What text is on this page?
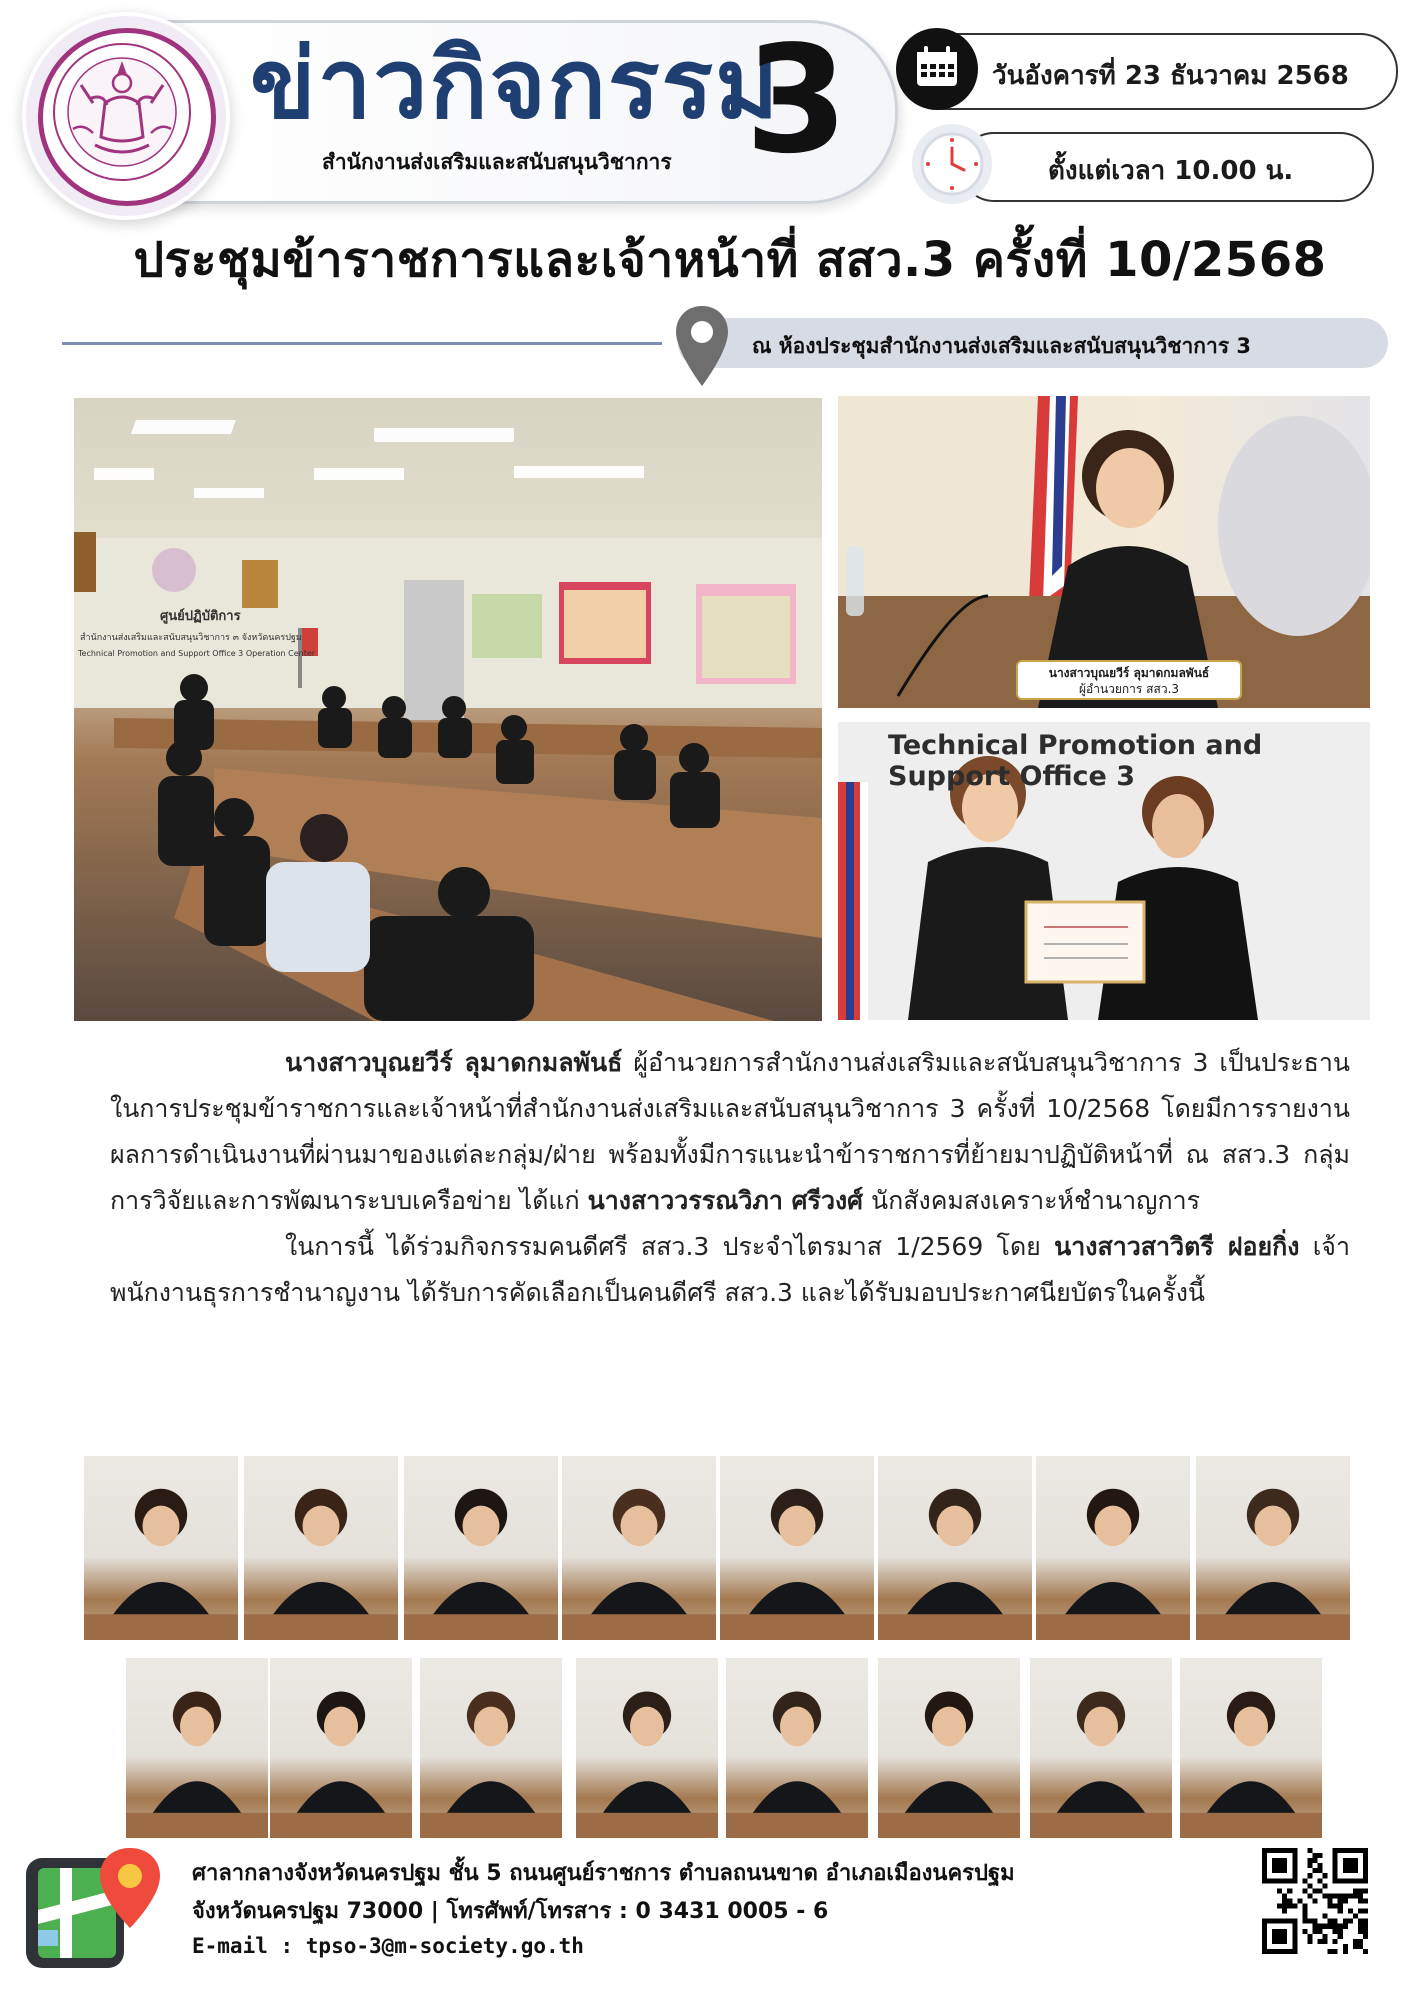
ข่าวกิจกรรม
3
สำนักงานส่งเสริมและสนับสนุนวิชาการ
วันอังคารที่ 23 ธันวาคม 2568
ตั้งแต่เวลา 10.00 น.
ประชุมข้าราชการและเจ้าหน้าที่ สสว.3 ครั้งที่ 10/2568
ณ ห้องประชุมสำนักงานส่งเสริมและสนับสนุนวิชาการ 3
ศูนย์ปฏิบัติการ
สำนักงานส่งเสริมและสนับสนุนวิชาการ ๓ จังหวัดนครปฐม
Technical Promotion and Support Office 3 Operation Center
นางสาวบุณยวีร์ ลุมาดกมลพันธ์
ผู้อำนวยการ สสว.3
Technical Promotion and Support Office 3

นางสาวบุณยวีร์ ลุมาดกมลพันธ์ ผู้อำนวยการสำนักงานส่งเสริมและสนับสนุนวิชาการ 3 เป็นประธานในการประชุมข้าราชการและเจ้าหน้าที่สำนักงานส่งเสริมและสนับสนุนวิชาการ 3 ครั้งที่ 10/2568 โดยมีการรายงานผลการดำเนินงานที่ผ่านมาของแต่ละกลุ่ม/ฝ่าย พร้อมทั้งมีการแนะนำข้าราชการที่ย้ายมาปฏิบัติหน้าที่ ณ สสว.3 กลุ่มการวิจัยและการพัฒนาระบบเครือข่าย ได้แก่ นางสาววรรณวิภา ศรีวงศ์ นักสังคมสงเคราะห์ชำนาญการ

ในการนี้ ได้ร่วมกิจกรรมคนดีศรี สสว.3 ประจำไตรมาส 1/2569 โดย นางสาวสาวิตรี ฝอยกิ่ง เจ้าพนักงานธุรการชำนาญงาน ได้รับการคัดเลือกเป็นคนดีศรี สสว.3 และได้รับมอบประกาศนียบัตรในครั้งนี้

ศาลากลางจังหวัดนครปฐม ชั้น 5 ถนนศูนย์ราชการ ตำบลถนนขาด อำเภอเมืองนครปฐม
จังหวัดนครปฐม 73000 | โทรศัพท์/โทรสาร : 0 3431 0005 - 6
E-mail : tpso-3@m-society.go.th
